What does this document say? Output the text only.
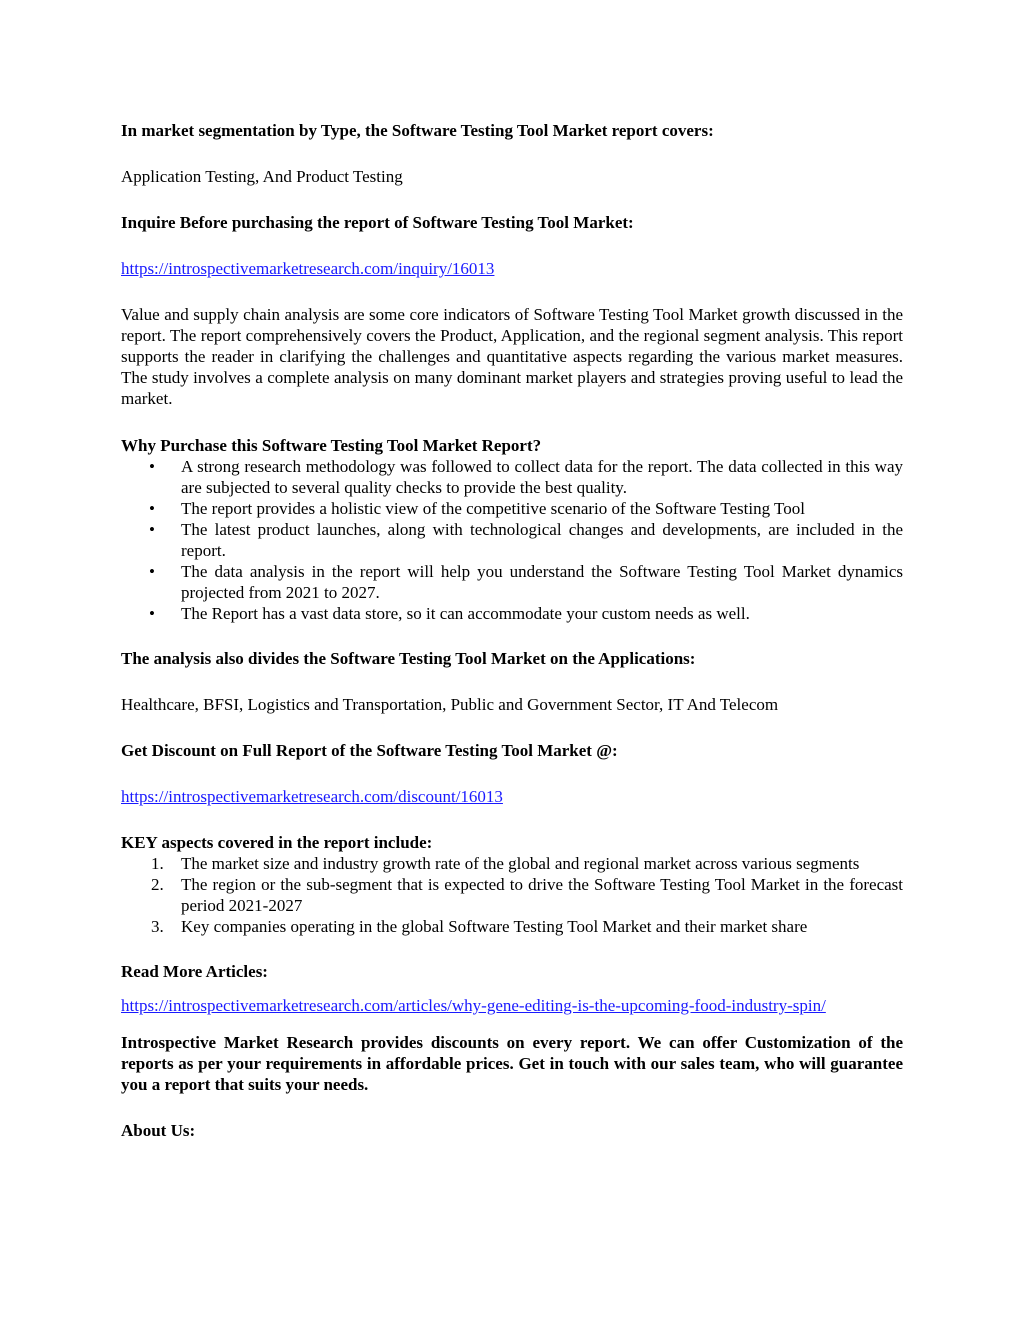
In market segmentation by Type, the Software Testing Tool Market report covers:

Application Testing, And Product Testing

Inquire Before purchasing the report of Software Testing Tool Market:

https://introspectivemarketresearch.com/inquiry/16013

Value and supply chain analysis are some core indicators of Software Testing Tool Market growth discussed in the report. The report comprehensively covers the Product, Application, and the regional segment analysis. This report supports the reader in clarifying the challenges and quantitative aspects regarding the various market measures. The study involves a complete analysis on many dominant market players and strategies proving useful to lead the market.

Why Purchase this Software Testing Tool Market Report?

•	A strong research methodology was followed to collect data for the report. The data collected in this way are subjected to several quality checks to provide the best quality.
•	The report provides a holistic view of the competitive scenario of the Software Testing Tool
•	The latest product launches, along with technological changes and developments, are included in the report.
•	The data analysis in the report will help you understand the Software Testing Tool Market dynamics projected from 2021 to 2027.
•	The Report has a vast data store, so it can accommodate your custom needs as well.

The analysis also divides the Software Testing Tool Market on the Applications:

Healthcare, BFSI, Logistics and Transportation, Public and Government Sector, IT And Telecom

Get Discount on Full Report of the Software Testing Tool Market @:

https://introspectivemarketresearch.com/discount/16013

KEY aspects covered in the report include:

1. The market size and industry growth rate of the global and regional market across various segments
2. The region or the sub-segment that is expected to drive the Software Testing Tool Market in the forecast period 2021-2027
3. Key companies operating in the global Software Testing Tool Market and their market share

Read More Articles:

https://introspectivemarketresearch.com/articles/why-gene-editing-is-the-upcoming-food-industry-spin/

Introspective Market Research provides discounts on every report. We can offer Customization of the reports as per your requirements in affordable prices. Get in touch with our sales team, who will guarantee you a report that suits your needs.

About Us:
